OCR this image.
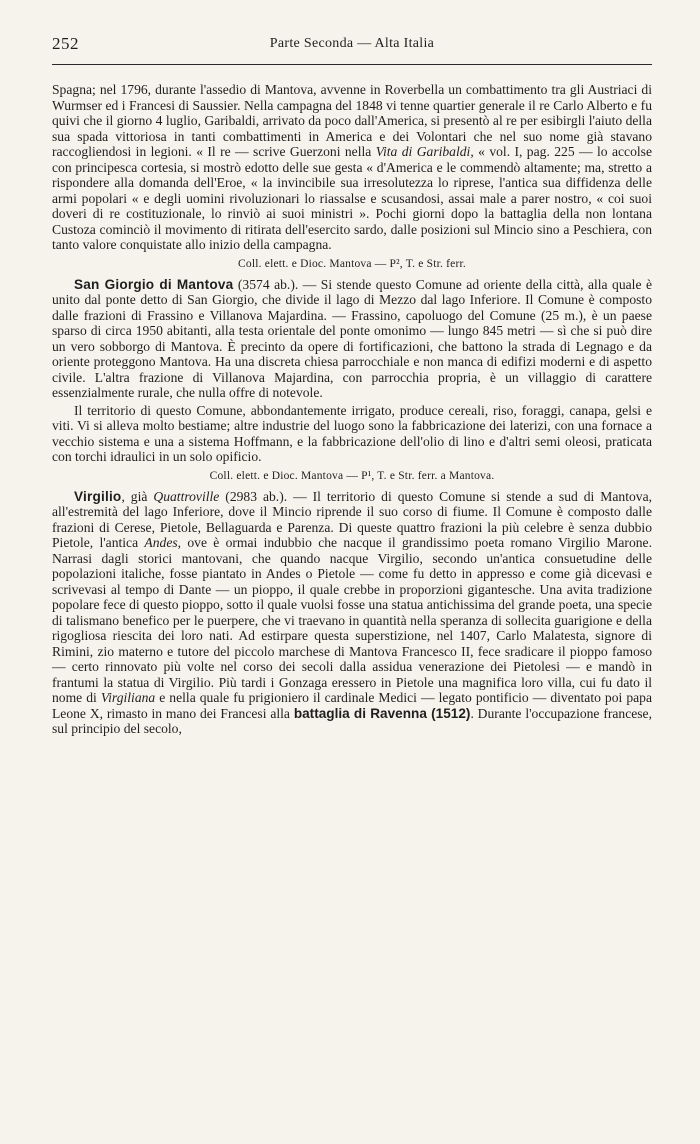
252	Parte Seconda — Alta Italia

Spagna; nel 1796, durante l'assedio di Mantova, avvenne in Roverbella un combattimento tra gli Austriaci di Wurmser ed i Francesi di Saussier. Nella campagna del 1848 vi tenne quartier generale il re Carlo Alberto e fu quivi che il giorno 4 luglio, Garibaldi, arrivato da poco dall'America, si presentò al re per esibirgli l'aiuto della sua spada vittoriosa in tanti combattimenti in America e dei Volontari che nel suo nome già stavano raccogliendosi in legioni. « Il re — scrive Guerzoni nella Vita di Garibaldi, « vol. I, pag. 225 — lo accolse con principesca cortesia, si mostrò edotto delle sue gesta « d'America e le commendò altamente; ma, stretto a rispondere alla domanda dell'Eroe, « la invincibile sua irresolutezza lo riprese, l'antica sua diffidenza delle armi popolari « e degli uomini rivoluzionari lo riassalse e scusandosi, assai male a parer nostro, « coi suoi doveri di re costituzionale, lo rinviò ai suoi ministri ». Pochi giorni dopo la battaglia della non lontana Custoza cominciò il movimento di ritirata dell'esercito sardo, dalle posizioni sul Mincio sino a Peschiera, con tanto valore conquistate allo inizio della campagna.

Coll. elett. e Dioc. Mantova — P², T. e Str. ferr.

San Giorgio di Mantova (3574 ab.). — Si stende questo Comune ad oriente della città, alla quale è unito dal ponte detto di San Giorgio, che divide il lago di Mezzo dal lago Inferiore. Il Comune è composto dalle frazioni di Frassino e Villanova Majardina. — Frassino, capoluogo del Comune (25 m.), è un paese sparso di circa 1950 abitanti, alla testa orientale del ponte omonimo — lungo 845 metri — sì che si può dire un vero sobborgo di Mantova. È precinto da opere di fortificazioni, che battono la strada di Legnago e da oriente proteggono Mantova. Ha una discreta chiesa parrocchiale e non manca di edifizi moderni e di aspetto civile. L'altra frazione di Villanova Majardina, con parrocchia propria, è un villaggio di carattere essenzialmente rurale, che nulla offre di notevole.

Il territorio di questo Comune, abbondantemente irrigato, produce cereali, riso, foraggi, canapa, gelsi e viti. Vi si alleva molto bestiame; altre industrie del luogo sono la fabbricazione dei laterizi, con una fornace a vecchio sistema e una a sistema Hoffmann, e la fabbricazione dell'olio di lino e d'altri semi oleosi, praticata con torchi idraulici in un solo opificio.

Coll. elett. e Dioc. Mantova — P¹, T. e Str. ferr. a Mantova.

Virgilio, già Quattroville (2983 ab.). — Il territorio di questo Comune si stende a sud di Mantova, all'estremità del lago Inferiore, dove il Mincio riprende il suo corso di fiume. Il Comune è composto dalle frazioni di Cerese, Pietole, Bellaguarda e Parenza. Di queste quattro frazioni la più celebre è senza dubbio Pietole, l'antica Andes, ove è ormai indubbio che nacque il grandissimo poeta romano Virgilio Marone. Narrasi dagli storici mantovani, che quando nacque Virgilio, secondo un'antica consuetudine delle popolazioni italiche, fosse piantato in Andes o Pietole — come fu detto in appresso e come già dicevasi e scrivevasi al tempo di Dante — un pioppo, il quale crebbe in proporzioni gigantesche. Una avita tradizione popolare fece di questo pioppo, sotto il quale vuolsi fosse una statua antichissima del grande poeta, una specie di talismano benefico per le puerpere, che vi traevano in quantità nella speranza di sollecita guarigione e della rigogliosa riescita dei loro nati. Ad estirpare questa superstizione, nel 1407, Carlo Malatesta, signore di Rimini, zio materno e tutore del piccolo marchese di Mantova Francesco II, fece sradicare il pioppo famoso — certo rinnovato più volte nel corso dei secoli dalla assidua venerazione dei Pietolesi — e mandò in frantumi la statua di Virgilio. Più tardi i Gonzaga eressero in Pietole una magnifica loro villa, cui fu dato il nome di Virgiliana e nella quale fu prigioniero il cardinale Medici — legato pontificio — diventato poi papa Leone X, rimasto in mano dei Francesi alla battaglia di Ravenna (1512). Durante l'occupazione francese, sul principio del secolo,
